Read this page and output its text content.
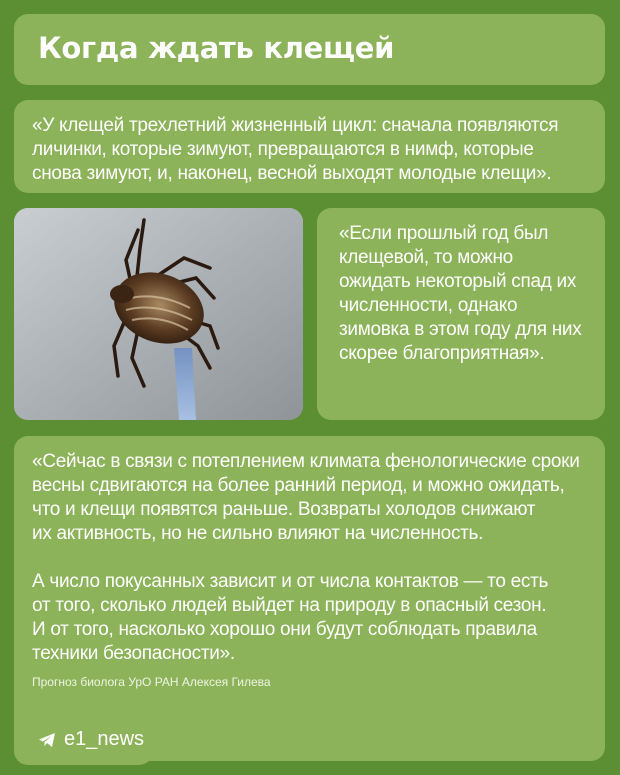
Когда ждать клещей

«У клещей трехлетний жизненный цикл: сначала появляются

личинки, которые зимуют, превращаются в нимф, которые

снова зимуют, и, наконец, весной выходят молодые клещи».

«Если прошлый год был

клещевой, то можно

ожидать некоторый спад их

численности, однако

зимовка в этом году для них

скорее благоприятная».

«Сейчас в связи с потеплением климата фенологические сроки

весны сдвигаются на более ранний период, и можно ожидать,

что и клещи появятся раньше. Возвраты холодов снижают

их активность, но не сильно влияют на численность.

А число покусанных зависит и от числа контактов — то есть

от того, сколько людей выйдет на природу в опасный сезон.

И от того, насколько хорошо они будут соблюдать правила

техники безопасности».

Прогноз биолога УрО РАН Алексея Гилева
e1_news
